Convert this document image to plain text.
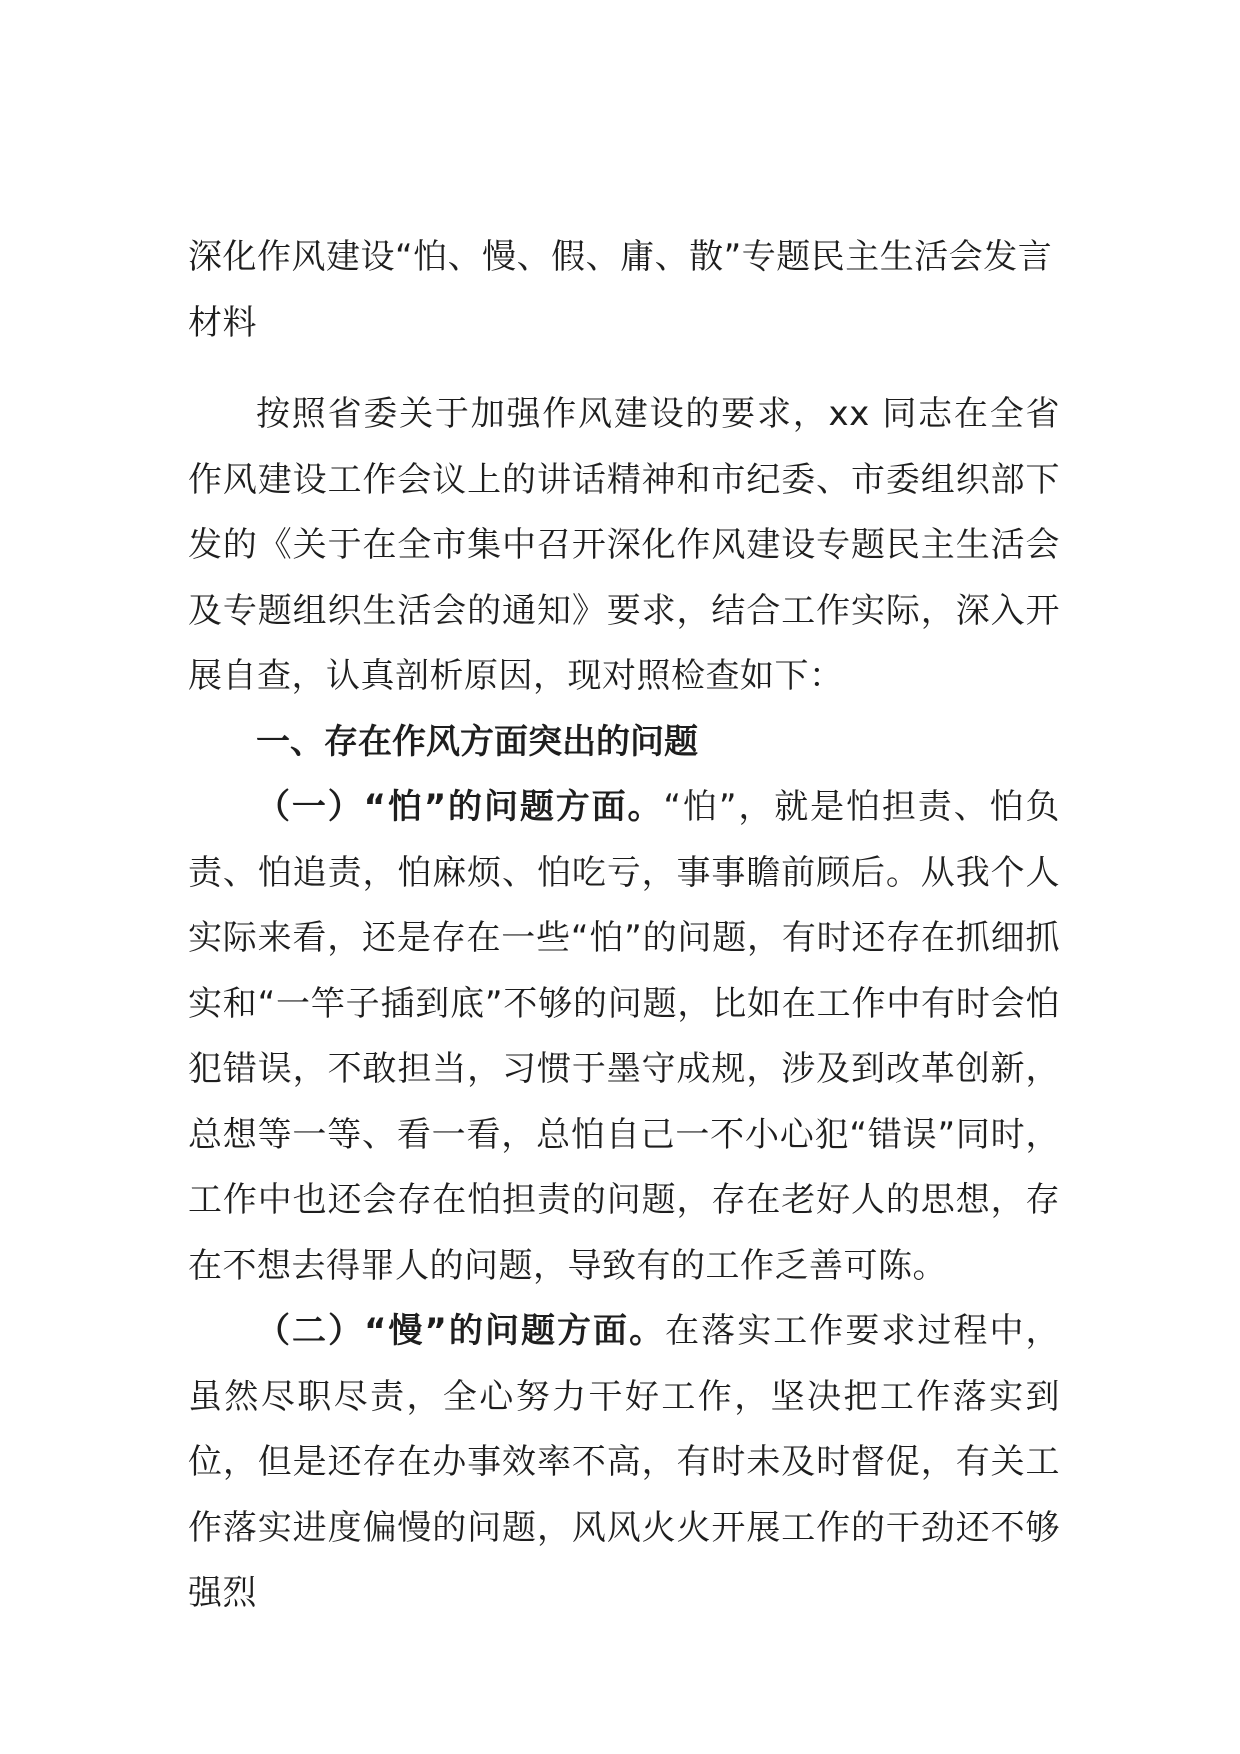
深化作风建设“怕、慢、假、庸、散”专题民主生活会发言材料

按照省委关于加强作风建设的要求，xx 同志在全省作风建设工作会议上的讲话精神和市纪委、市委组织部下发的《关于在全市集中召开深化作风建设专题民主生活会及专题组织生活会的通知》要求，结合工作实际，深入开展自查，认真剖析原因，现对照检查如下：

一、存在作风方面突出的问题

（一）“怕”的问题方面。“怕”，就是怕担责、怕负责、怕追责，怕麻烦、怕吃亏，事事瞻前顾后。从我个人实际来看，还是存在一些“怕”的问题，有时还存在抓细抓实和“一竿子插到底”不够的问题，比如在工作中有时会怕犯错误，不敢担当，习惯于墨守成规，涉及到改革创新，总想等一等、看一看，总怕自己一不小心犯“错误”同时，工作中也还会存在怕担责的问题，存在老好人的思想，存在不想去得罪人的问题，导致有的工作乏善可陈。

（二）“慢”的问题方面。在落实工作要求过程中，虽然尽职尽责，全心努力干好工作，坚决把工作落实到位，但是还存在办事效率不高，有时未及时督促，有关工作落实进度偏慢的问题，风风火火开展工作的干劲还不够强烈
